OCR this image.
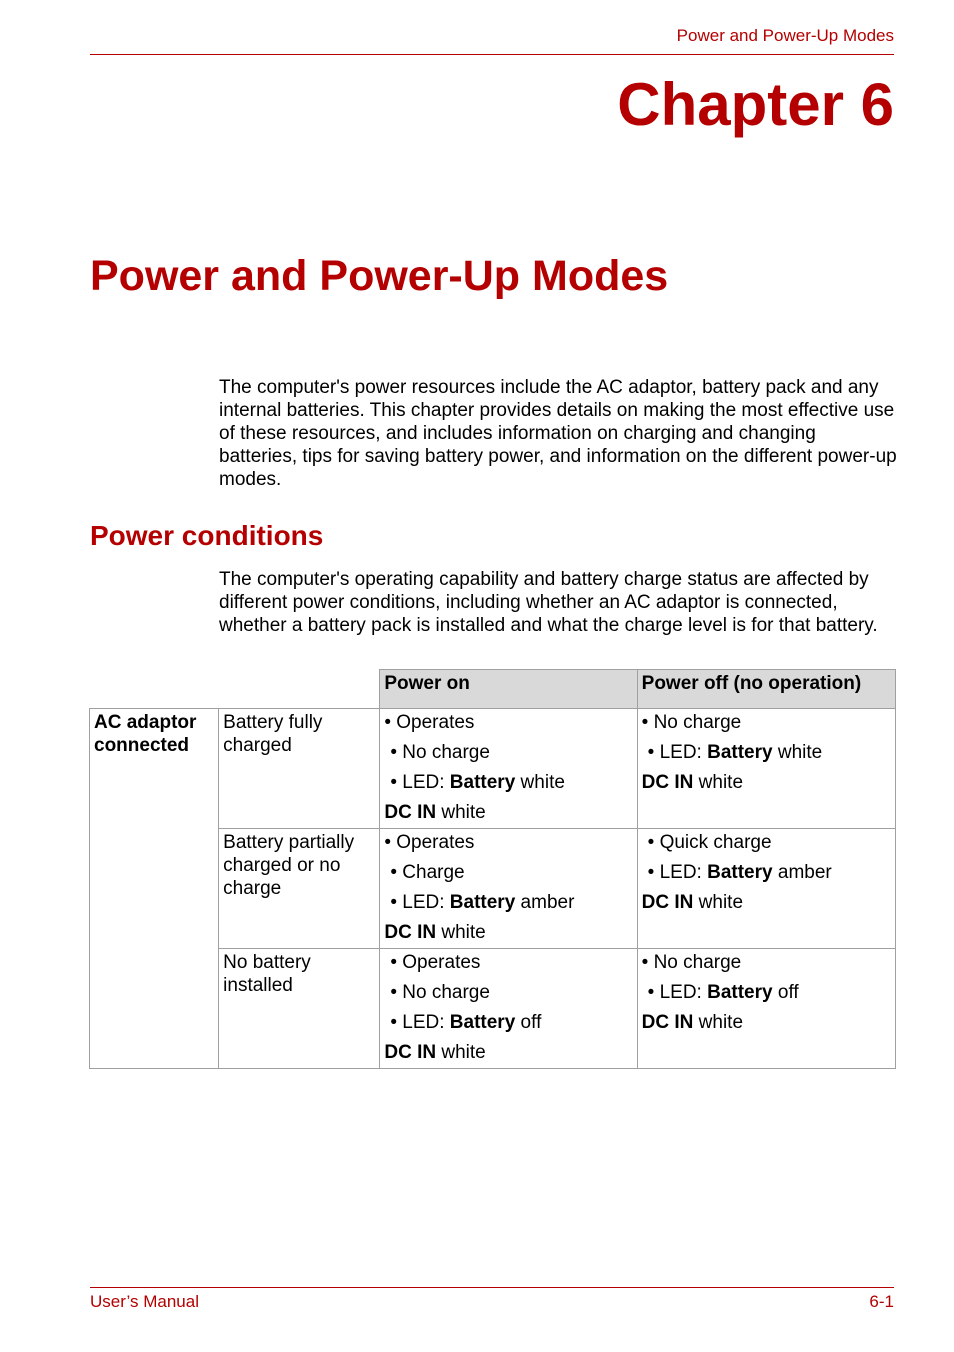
Power and Power-Up Modes
Chapter 6
Power and Power-Up Modes
The computer's power resources include the AC adaptor, battery pack and any internal batteries. This chapter provides details on making the most effective use of these resources, and includes information on charging and changing batteries, tips for saving battery power, and information on the different power-up modes.
Power conditions
The computer's operating capability and battery charge status are affected by different power conditions, including whether an AC adaptor is connected, whether a battery pack is installed and what the charge level is for that battery.
		Power on	Power off (no operation)
AC adaptor connected	Battery fully charged	• Operates
• No charge
• LED: Battery white
DC IN white	• No charge
• LED: Battery white
DC IN white

	Battery partially charged or no charge	• Operates
• Charge
• LED: Battery amber
DC IN white	• Quick charge
• LED: Battery amber
DC IN white

	No battery installed	• Operates
• No charge
• LED: Battery off
DC IN white	• No charge
• LED: Battery off
DC IN white
User’s Manual	6-1
